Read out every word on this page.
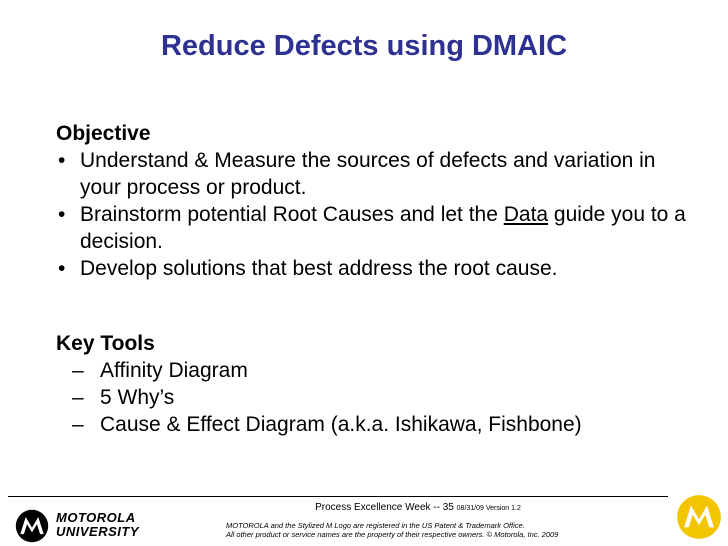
Reduce Defects using DMAIC
Objective
• Understand & Measure the sources of defects and variation in your process or product.
• Brainstorm potential Root Causes and let the Data guide you to a decision.
• Develop solutions that best address the root cause.
Key Tools
– Affinity Diagram
– 5 Why’s
– Cause & Effect Diagram (a.k.a. Ishikawa, Fishbone)
Process Excellence Week -- 35 08/31/09 Version 1.2
MOTOROLA and the Stylized M Logo are registered in the US Patent & Trademark Office.
All other product or service names are the property of their respective owners. © Motorola, Inc. 2009
MOTOROLA
UNIVERSITY
